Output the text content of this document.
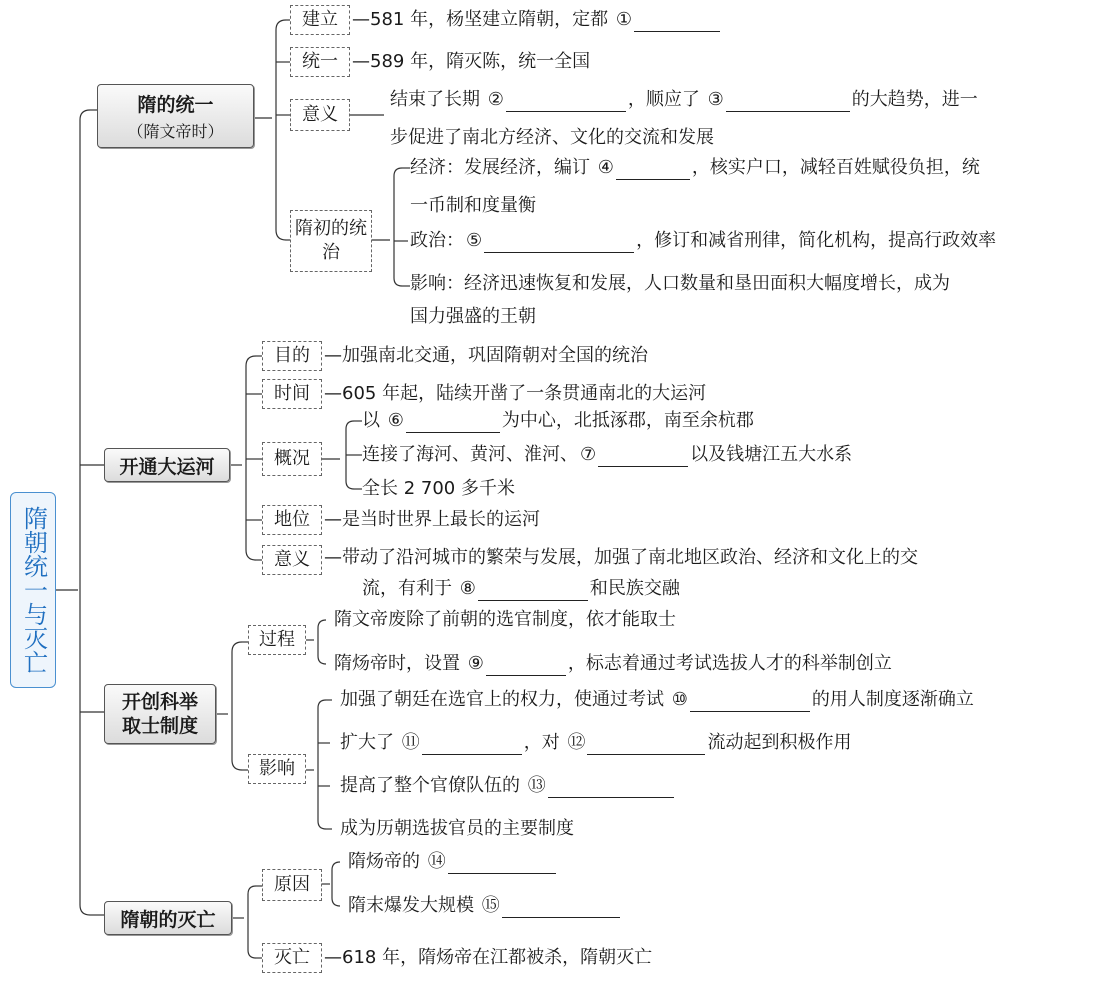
隋朝统一与灭亡
隋的统一
（隋文帝时）
建立 —581 年，杨坚建立隋朝，定都 ①
统一 —589 年，隋灭陈，统一全国
意义
结束了长期 ②	，顺应了 ③	的大趋势，进一
步促进了南北方经济、文化的交流和发展
隋初的统治
经济：发展经济，编订 ④	，核实户口，减轻百姓赋役负担，统
一币制和度量衡
政治： ⑤	，修订和减省刑律，简化机构，提高行政效率
影响：经济迅速恢复和发展，人口数量和垦田面积大幅度增长，成为
国力强盛的王朝
开通大运河
目的 —加强南北交通，巩固隋朝对全国的统治
时间 —605 年起，陆续开凿了一条贯通南北的大运河
概况
以 ⑥	为中心，北抵涿郡，南至余杭郡
连接了海河、黄河、淮河、 ⑦	以及钱塘江五大水系
全长 2 700 多千米
地位 —是当时世界上最长的运河
意义 —带动了沿河城市的繁荣与发展，加强了南北地区政治、经济和文化上的交
流，有利于 ⑧	和民族交融
开创科举
取士制度
过程
隋文帝废除了前朝的选官制度，依才能取士
隋炀帝时，设置 ⑨	，标志着通过考试选拔人才的科举制创立
影响
加强了朝廷在选官上的权力，使通过考试 ⑩	的用人制度逐渐确立
扩大了 ⑪	，对 ⑫	流动起到积极作用
提高了整个官僚队伍的 ⑬
成为历朝选拔官员的主要制度
隋朝的灭亡
原因
隋炀帝的 ⑭
隋末爆发大规模 ⑮
灭亡 —618 年，隋炀帝在江都被杀，隋朝灭亡
